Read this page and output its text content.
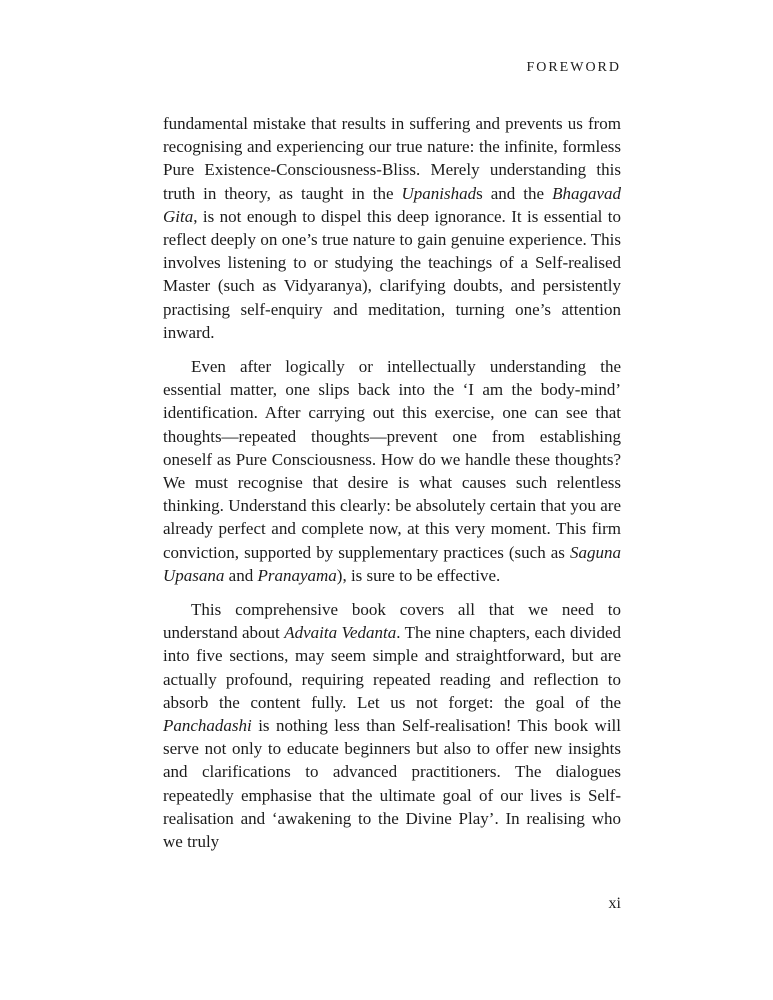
FOREWORD

fundamental mistake that results in suffering and prevents us from recognising and experiencing our true nature: the infinite, formless Pure Existence-Consciousness-Bliss. Merely understanding this truth in theory, as taught in the Upanishads and the Bhagavad Gita, is not enough to dispel this deep ignorance. It is essential to reflect deeply on one’s true nature to gain genuine experience. This involves listening to or studying the teachings of a Self-realised Master (such as Vidyaranya), clarifying doubts, and persistently practising self-enquiry and meditation, turning one’s attention inward.

Even after logically or intellectually understanding the essential matter, one slips back into the ‘I am the body-mind’ identification. After carrying out this exercise, one can see that thoughts—repeated thoughts—prevent one from establishing oneself as Pure Consciousness. How do we handle these thoughts? We must recognise that desire is what causes such relentless thinking. Understand this clearly: be absolutely certain that you are already perfect and complete now, at this very moment. This firm conviction, supported by supplementary practices (such as Saguna Upasana and Pranayama), is sure to be effective.

This comprehensive book covers all that we need to understand about Advaita Vedanta. The nine chapters, each divided into five sections, may seem simple and straightforward, but are actually profound, requiring repeated reading and reflection to absorb the content fully. Let us not forget: the goal of the Panchadashi is nothing less than Self-realisation! This book will serve not only to educate beginners but also to offer new insights and clarifications to advanced practitioners. The dialogues repeatedly emphasise that the ultimate goal of our lives is Self-realisation and ‘awakening to the Divine Play’. In realising who we truly

xi
